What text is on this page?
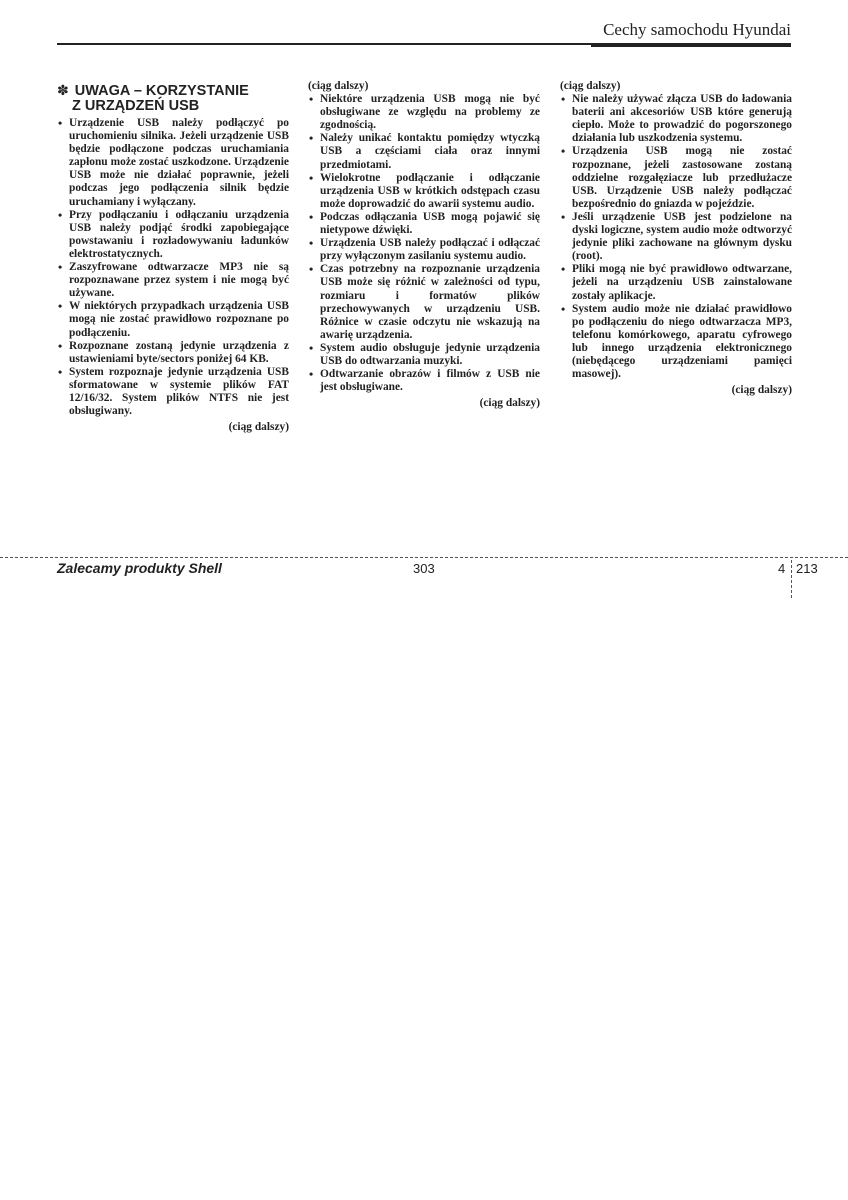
Cechy samochodu Hyundai
✽ UWAGA – KORZYSTANIE
Z URZĄDZEŃ USB
• Urządzenie USB należy podłączyć po uruchomieniu silnika. Jeżeli urządzenie USB będzie podłączone podczas uruchamiania zapłonu może zostać uszkodzone. Urządzenie USB może nie działać poprawnie, jeżeli podczas jego podłączenia silnik będzie uruchamiany i wyłączany.
• Przy podłączaniu i odłączaniu urządzenia USB należy podjąć środki zapobiegające powstawaniu i rozładowywaniu ładunków elektrostatycznych.
• Zaszyfrowane odtwarzacze MP3 nie są rozpoznawane przez system i nie mogą być używane.
• W niektórych przypadkach urządzenia USB mogą nie zostać prawidłowo rozpoznane po podłączeniu.
• Rozpoznane zostaną jedynie urządzenia z ustawieniami byte/sectors poniżej 64 KB.
• System rozpoznaje jedynie urządzenia USB sformatowane w systemie plików FAT 12/16/32. System plików NTFS nie jest obsługiwany.
(ciąg dalszy)
(ciąg dalszy)
• Niektóre urządzenia USB mogą nie być obsługiwane ze względu na problemy ze zgodnością.
• Należy unikać kontaktu pomiędzy wtyczką USB a częściami ciała oraz innymi przedmiotami.
• Wielokrotne podłączanie i odłączanie urządzenia USB w krótkich odstępach czasu może doprowadzić do awarii systemu audio.
• Podczas odłączania USB mogą pojawić się nietypowe dźwięki.
• Urządzenia USB należy podłączać i odłączać przy wyłączonym zasilaniu systemu audio.
• Czas potrzebny na rozpoznanie urządzenia USB może się różnić w zależności od typu, rozmiaru i formatów plików przechowywanych w urządzeniu USB. Różnice w czasie odczytu nie wskazują na awarię urządzenia.
• System audio obsługuje jedynie urządzenia USB do odtwarzania muzyki.
• Odtwarzanie obrazów i filmów z USB nie jest obsługiwane.
(ciąg dalszy)
(ciąg dalszy)
• Nie należy używać złącza USB do ładowania baterii ani akcesoriów USB które generują ciepło. Może to prowadzić do pogorszonego działania lub uszkodzenia systemu.
• Urządzenia USB mogą nie zostać rozpoznane, jeżeli zastosowane zostaną oddzielne rozgałęziacze lub przedłużacze USB. Urządzenie USB należy podłączać bezpośrednio do gniazda w pojeździe.
• Jeśli urządzenie USB jest podzielone na dyski logiczne, system audio może odtworzyć jedynie pliki zachowane na głównym dysku (root).
• Pliki mogą nie być prawidłowo odtwarzane, jeżeli na urządzeniu USB zainstalowane zostały aplikacje.
• System audio może nie działać prawidłowo po podłączeniu do niego odtwarzacza MP3, telefonu komórkowego, aparatu cyfrowego lub innego urządzenia elektronicznego (niebędącego urządzeniami pamięci masowej).
(ciąg dalszy)
Zalecamy produkty Shell	303	4 213
